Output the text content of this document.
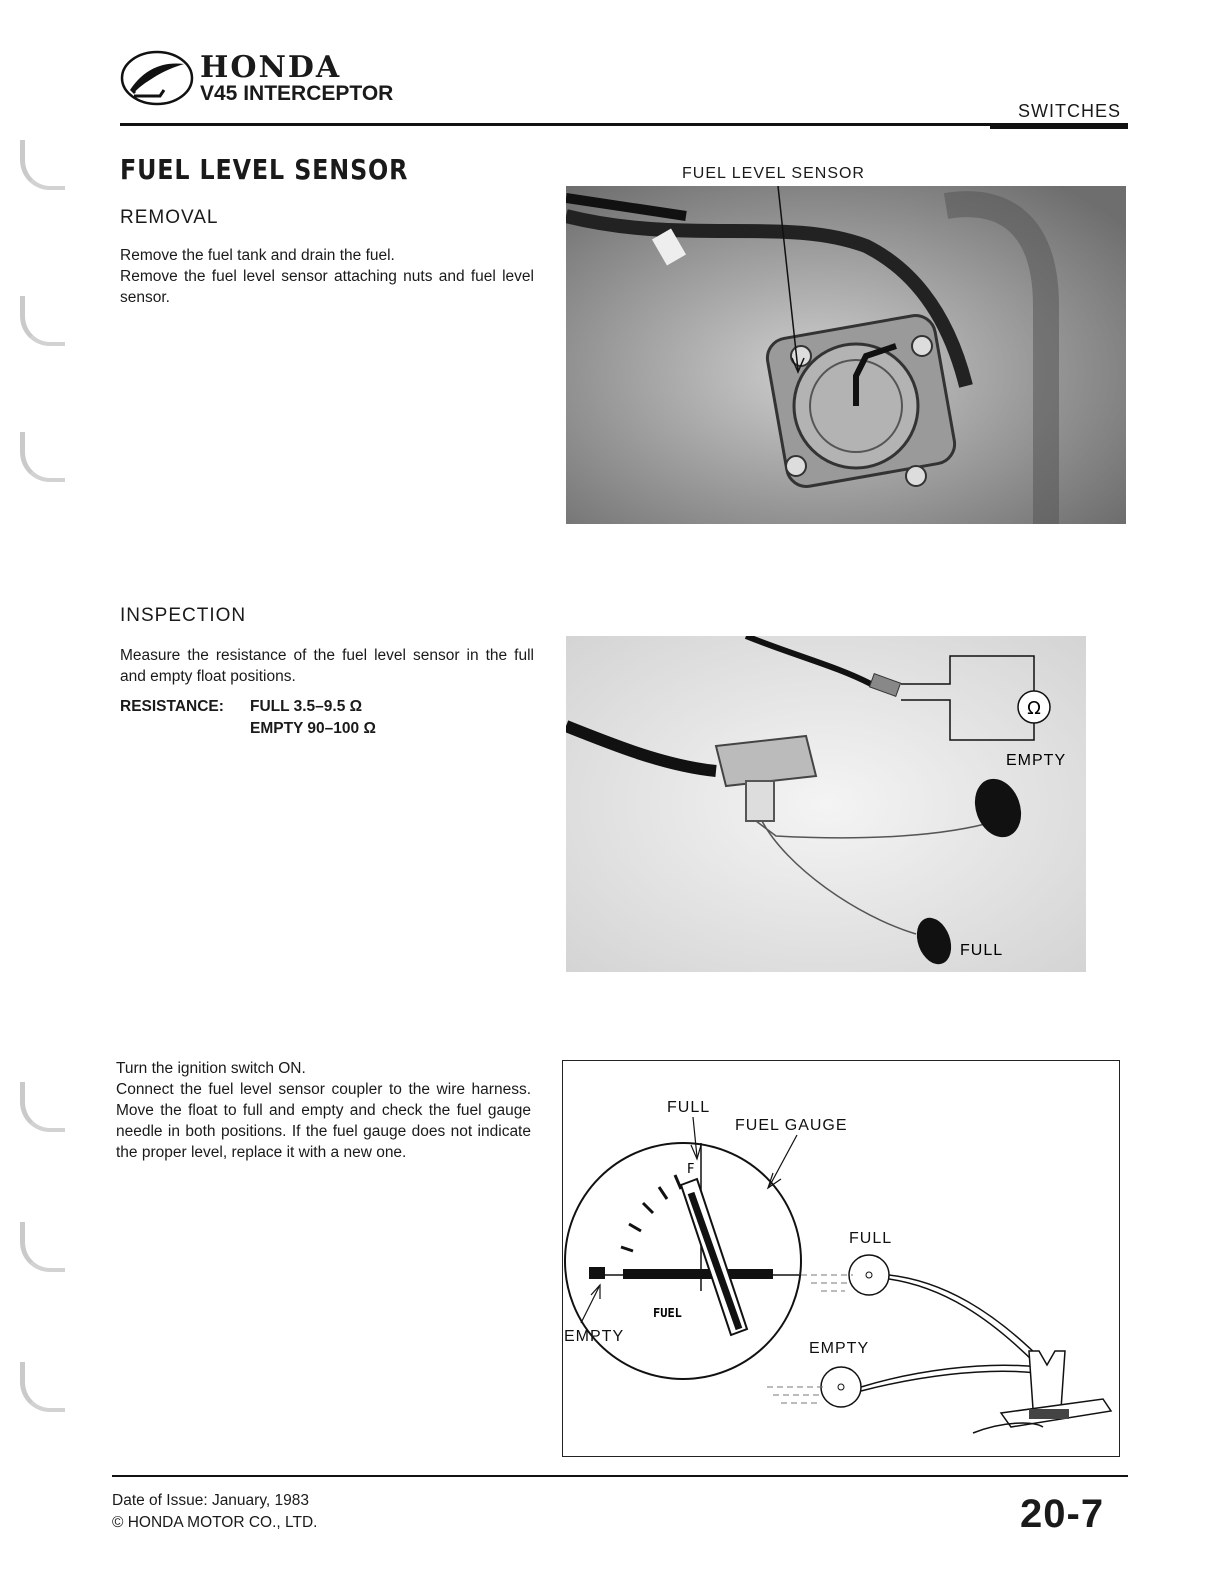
HONDA
V45 INTERCEPTOR
SWITCHES
FUEL LEVEL SENSOR
REMOVAL

Remove the fuel tank and drain the fuel.

Remove the fuel level sensor attaching nuts and fuel level sensor.

FUEL LEVEL SENSOR
INSPECTION
Measure the resistance of the fuel level sensor in the full and empty float positions.
RESISTANCE: FULL 3.5–9.5 Ω
EMPTY 90–100 Ω
Ω
EMPTY
FULL

Turn the ignition switch ON.

Connect the fuel level sensor coupler to the wire harness. Move the float to full and empty and check the fuel gauge needle in both positions. If the fuel gauge does not indicate the proper level, replace it with a new one.

F
FUEL
FULL
FUEL GAUGE
EMPTY
FULL
EMPTY
Date of Issue: January, 1983
© HONDA MOTOR CO., LTD.	20-7
